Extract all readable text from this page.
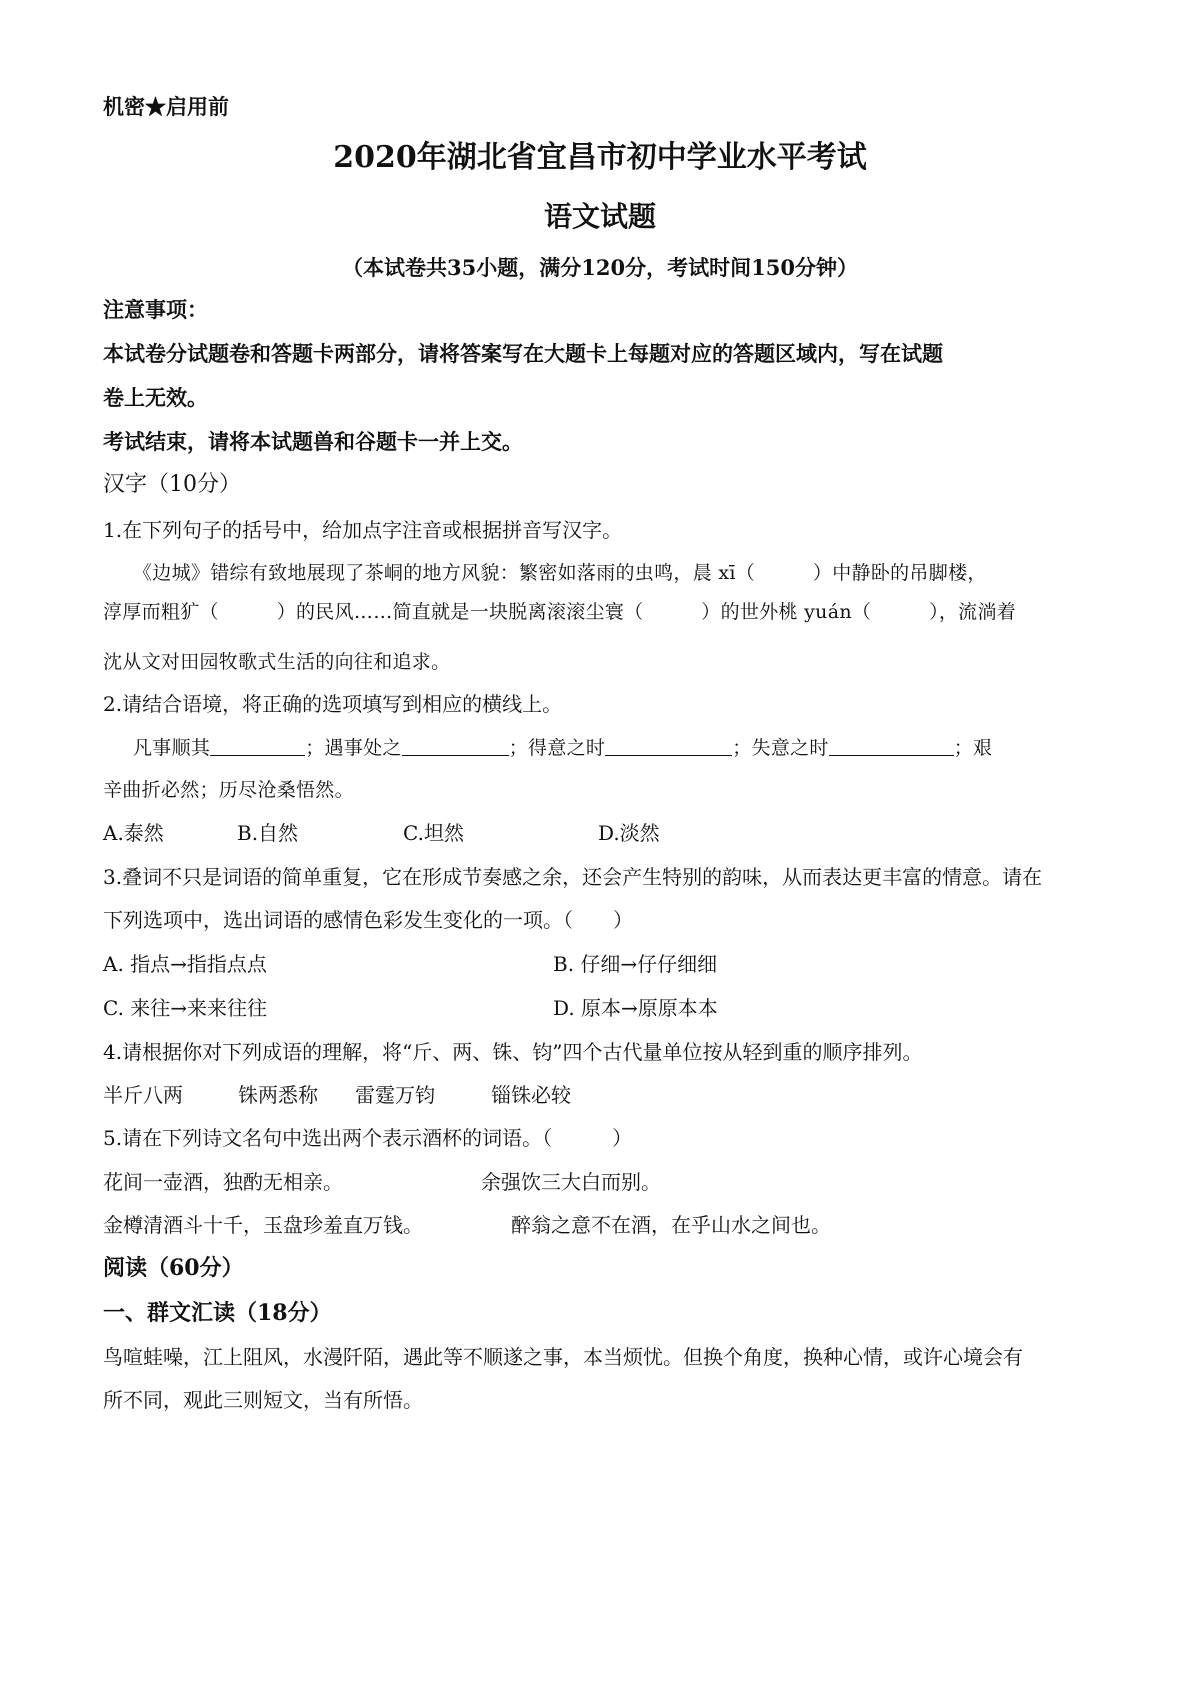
机密★启用前
2020年湖北省宜昌市初中学业水平考试
语文试题
（本试卷共35小题，满分120分，考试时间150分钟）
注意事项：
本试卷分试题卷和答题卡两部分，请将答案写在大题卡上每题对应的答题区域内，写在试题
卷上无效。
考试结束，请将本试题兽和谷题卡一并上交。
汉字（10分）
1.在下列句子的括号中，给加点字注音或根据拼音写汉字。
《边城》错综有致地展现了茶峒的地方风貌：繁密如落雨的虫鸣，晨 xī（　　　）中静卧的吊脚楼，
淳厚而粗犷（　　　）的民风……简直就是一块脱离滚滚尘寰（　　　）的世外桃 yuán（　　　），流淌着
沈从文对田园牧歌式生活的向往和追求。
2.请结合语境，将正确的选项填写到相应的横线上。
凡事顺其	；遇事处之	；得意之时	；失意之时	；艰
辛曲折必然；历尽沧桑悟然。
A.泰然	B.自然	C.坦然	D.淡然
3.叠词不只是词语的简单重复，它在形成节奏感之余，还会产生特别的韵味，从而表达更丰富的情意。请在
下列选项中，选出词语的感情色彩发生变化的一项。（　　）
A. 指点→指指点点	B. 仔细→仔仔细细
C. 来往→来来往往	D. 原本→原原本本
4.请根据你对下列成语的理解，将“斤、两、铢、钧”四个古代量单位按从轻到重的顺序排列。
半斤八两	铢两悉称 雷霆万钧	锱铢必较
5.请在下列诗文名句中选出两个表示酒杯的词语。（　　　）
花间一壶酒，独酌无相亲。	余强饮三大白而别。
金樽清酒斗十千，玉盘珍羞直万钱。	醉翁之意不在酒，在乎山水之间也。
阅读（60分）
一、群文汇读（18分）
鸟喧蛙噪，江上阻风，水漫阡陌，遇此等不顺遂之事，本当烦忧。但换个角度，换种心情，或许心境会有
所不同，观此三则短文，当有所悟。
